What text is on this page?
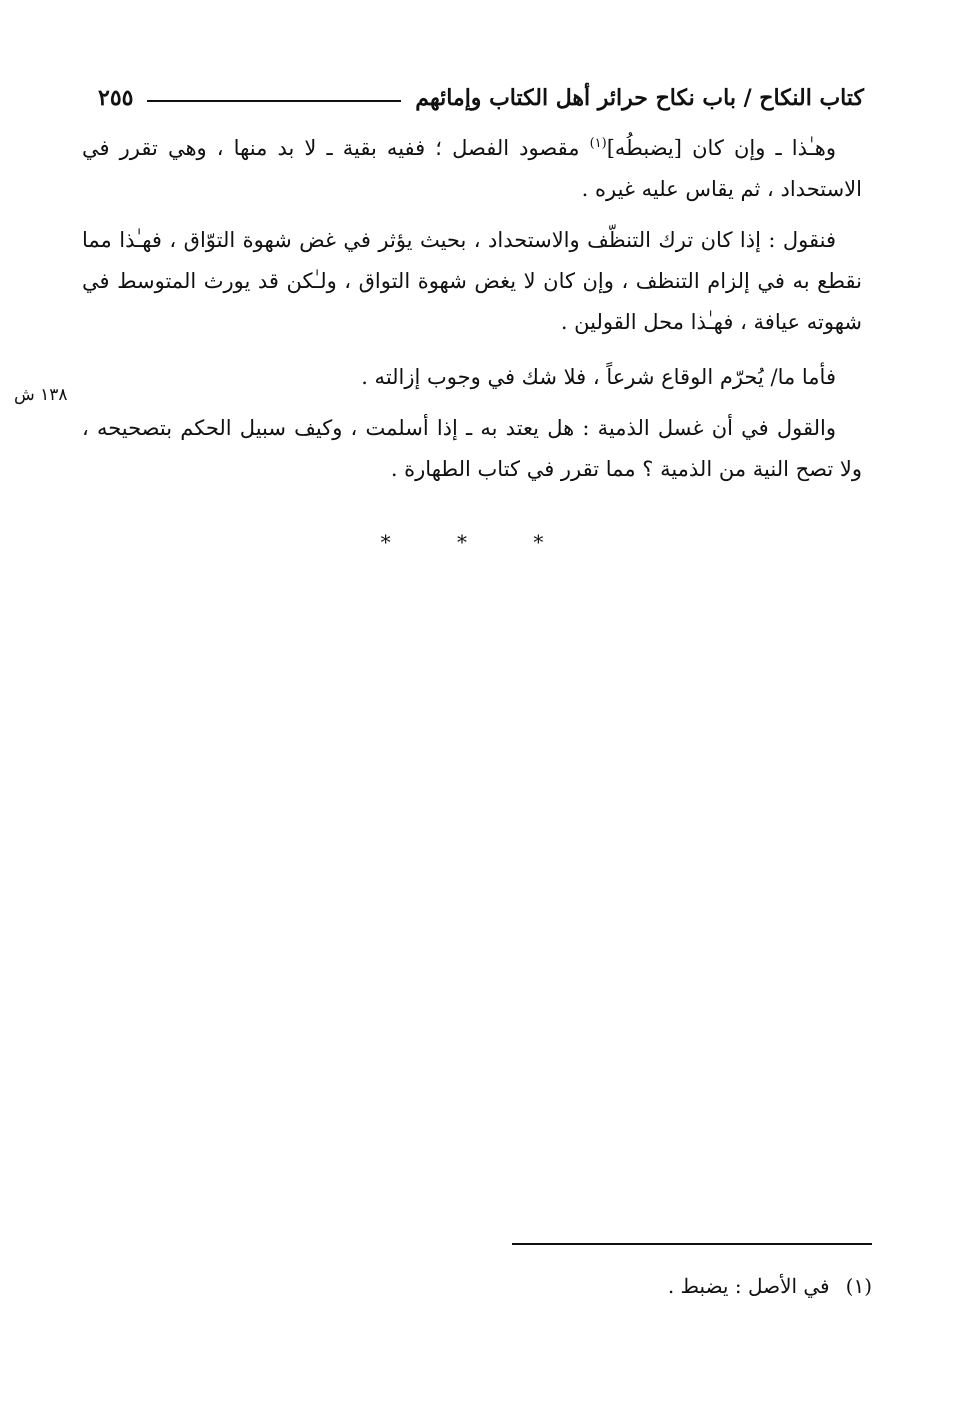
كتاب النكاح / باب نكاح حرائر أهل الكتاب وإمائهم
٢٥٥

وهـٰذا ـ وإن كان [يضبطُه]$^{(١)}$ مقصود الفصل ؛ ففيه بقية ـ لا بد منها ، وهي تقرر في الاستحداد ، ثم يقاس عليه غيره .

فنقول : إذا كان ترك التنظّف والاستحداد ، بحيث يؤثر في غض شهوة التوّاق ، فهـٰذا مما نقطع به في إلزام التنظف ، وإن كان لا يغض شهوة التواق ، ولـٰكن قد يورث المتوسط في شهوته عيافة ، فهـٰذا محل القولين .

فأما ما/ يُحرّم الوقاع شرعاً ، فلا شك في وجوب إزالته .

والقول في أن غسل الذمية : هل يعتد به ـ إذا أسلمت ، وكيف سبيل الحكم بتصحيحه ، ولا تصح النية من الذمية ؟ مما تقرر في كتاب الطهارة .

١٣٨ ش
* * *
(١)في الأصل : يضبط .
